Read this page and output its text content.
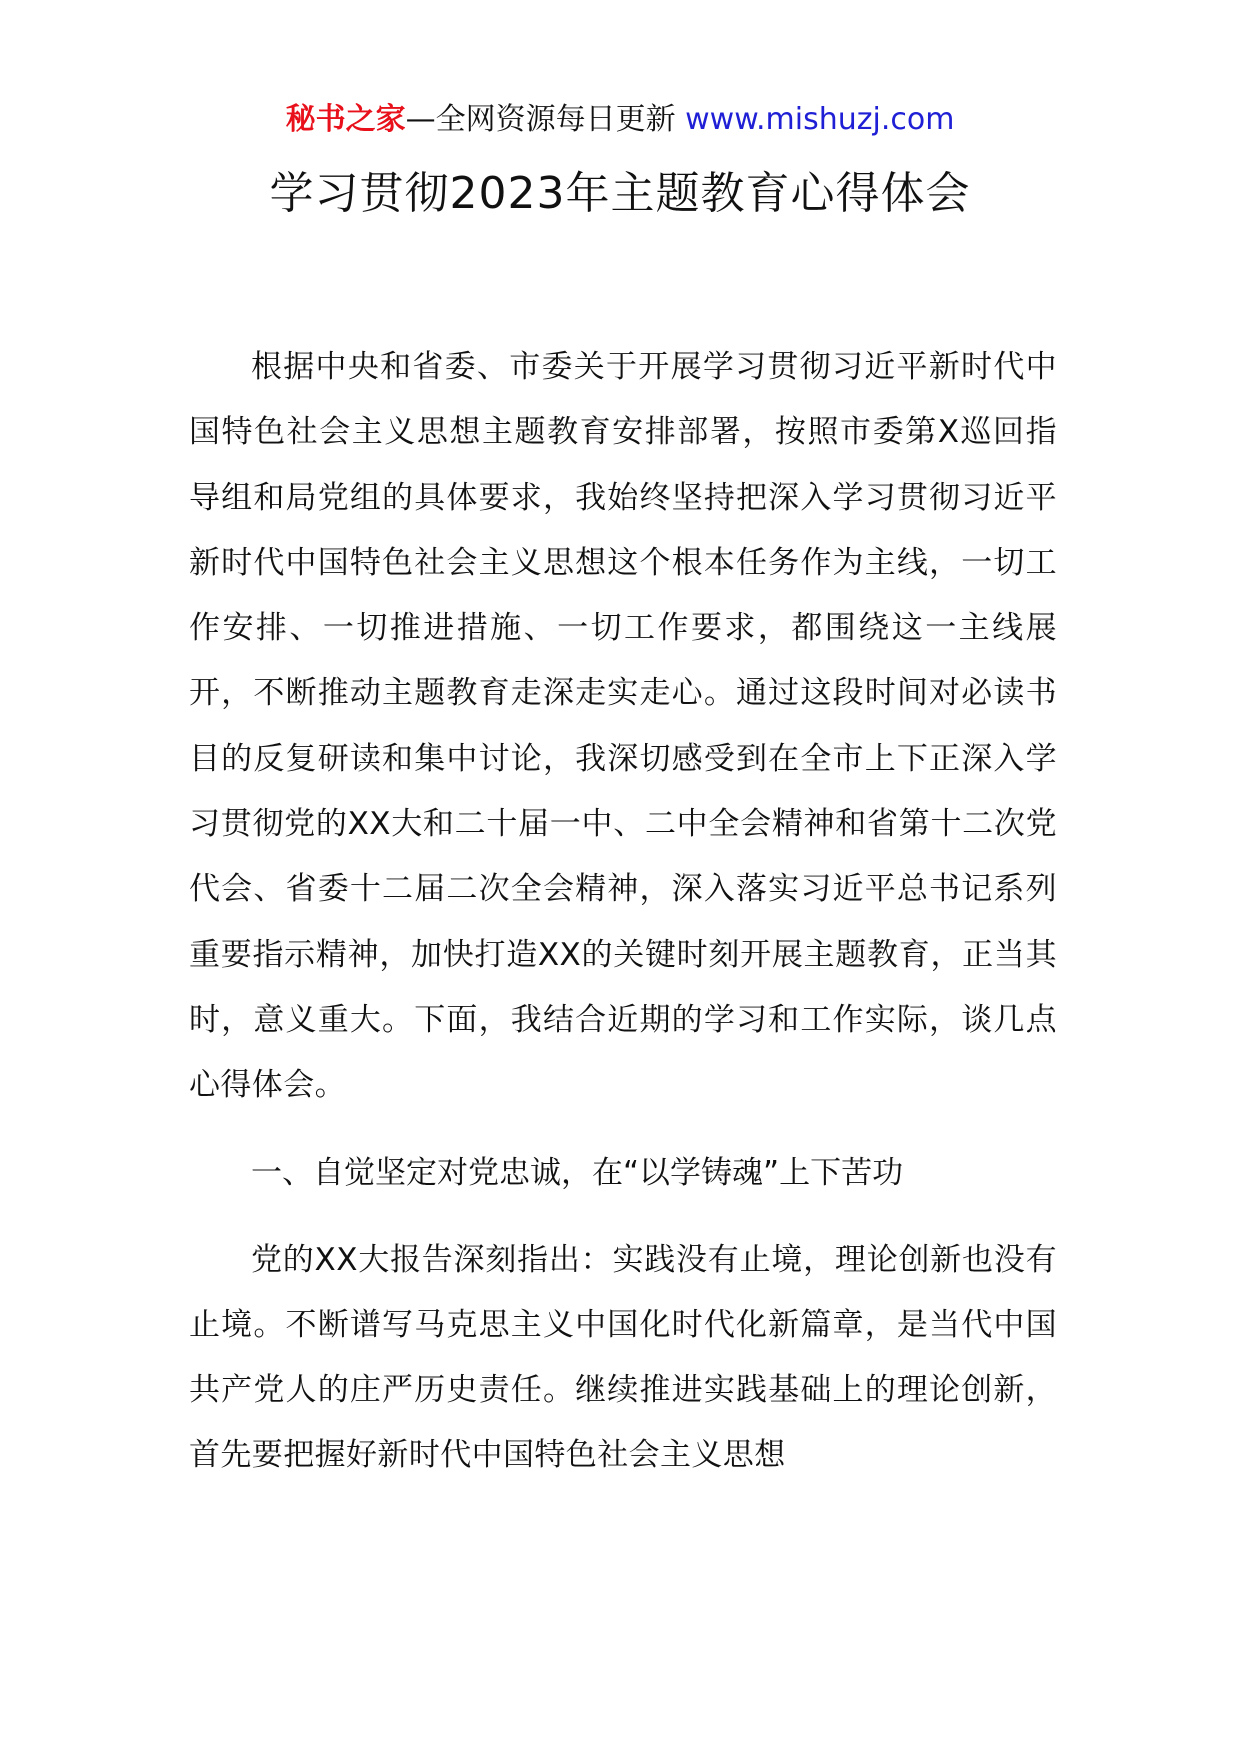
秘书之家—全网资源每日更新 www.mishuzj.com
学习贯彻2023年主题教育心得体会

根据中央和省委、市委关于开展学习贯彻习近平新时代中国特色社会主义思想主题教育安排部署，按照市委第X巡回指导组和局党组的具体要求，我始终坚持把深入学习贯彻习近平新时代中国特色社会主义思想这个根本任务作为主线，一切工作安排、一切推进措施、一切工作要求，都围绕这一主线展开，不断推动主题教育走深走实走心。通过这段时间对必读书目的反复研读和集中讨论，我深切感受到在全市上下正深入学习贯彻党的XX大和二十届一中、二中全会精神和省第十二次党代会、省委十二届二次全会精神，深入落实习近平总书记系列重要指示精神，加快打造XX的关键时刻开展主题教育，正当其时，意义重大。下面，我结合近期的学习和工作实际，谈几点心得体会。

一、自觉坚定对党忠诚，在“以学铸魂”上下苦功

党的XX大报告深刻指出：实践没有止境，理论创新也没有止境。不断谱写马克思主义中国化时代化新篇章，是当代中国共产党人的庄严历史责任。继续推进实践基础上的理论创新，首先要把握好新时代中国特色社会主义思想
